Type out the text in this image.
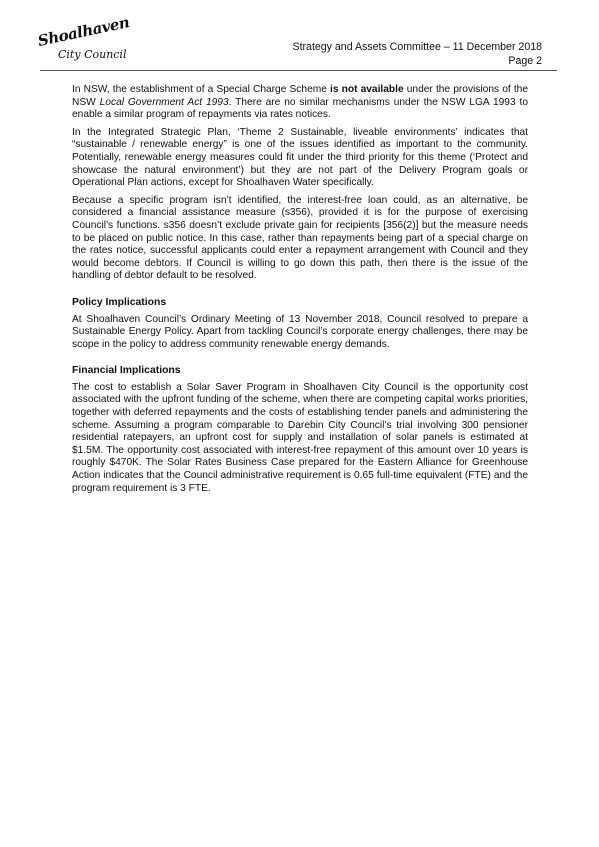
Shoalhaven
City Council
Strategy and Assets Committee – 11 December 2018
Page 2

In NSW, the establishment of a Special Charge Scheme is not available under the provisions of the NSW Local Government Act 1993. There are no similar mechanisms under the NSW LGA 1993 to enable a similar program of repayments via rates notices.

In the Integrated Strategic Plan, ‘Theme 2 Sustainable, liveable environments’ indicates that “sustainable / renewable energy” is one of the issues identified as important to the community. Potentially, renewable energy measures could fit under the third priority for this theme (‘Protect and showcase the natural environment’) but they are not part of the Delivery Program goals or Operational Plan actions, except for Shoalhaven Water specifically.

Because a specific program isn’t identified, the interest-free loan could, as an alternative, be considered a financial assistance measure (s356), provided it is for the purpose of exercising Council’s functions. s356 doesn’t exclude private gain for recipients [356(2)] but the measure needs to be placed on public notice. In this case, rather than repayments being part of a special charge on the rates notice, successful applicants could enter a repayment arrangement with Council and they would become debtors. If Council is willing to go down this path, then there is the issue of the handling of debtor default to be resolved.

Policy Implications

At Shoalhaven Council’s Ordinary Meeting of 13 November 2018, Council resolved to prepare a Sustainable Energy Policy. Apart from tackling Council’s corporate energy challenges, there may be scope in the policy to address community renewable energy demands.

Financial Implications

The cost to establish a Solar Saver Program in Shoalhaven City Council is the opportunity cost associated with the upfront funding of the scheme, when there are competing capital works priorities, together with deferred repayments and the costs of establishing tender panels and administering the scheme. Assuming a program comparable to Darebin City Council’s trial involving 300 pensioner residential ratepayers, an upfront cost for supply and installation of solar panels is estimated at $1.5M. The opportunity cost associated with interest-free repayment of this amount over 10 years is roughly $470K. The Solar Rates Business Case prepared for the Eastern Alliance for Greenhouse Action indicates that the Council administrative requirement is 0.65 full-time equivalent (FTE) and the program requirement is 3 FTE.
